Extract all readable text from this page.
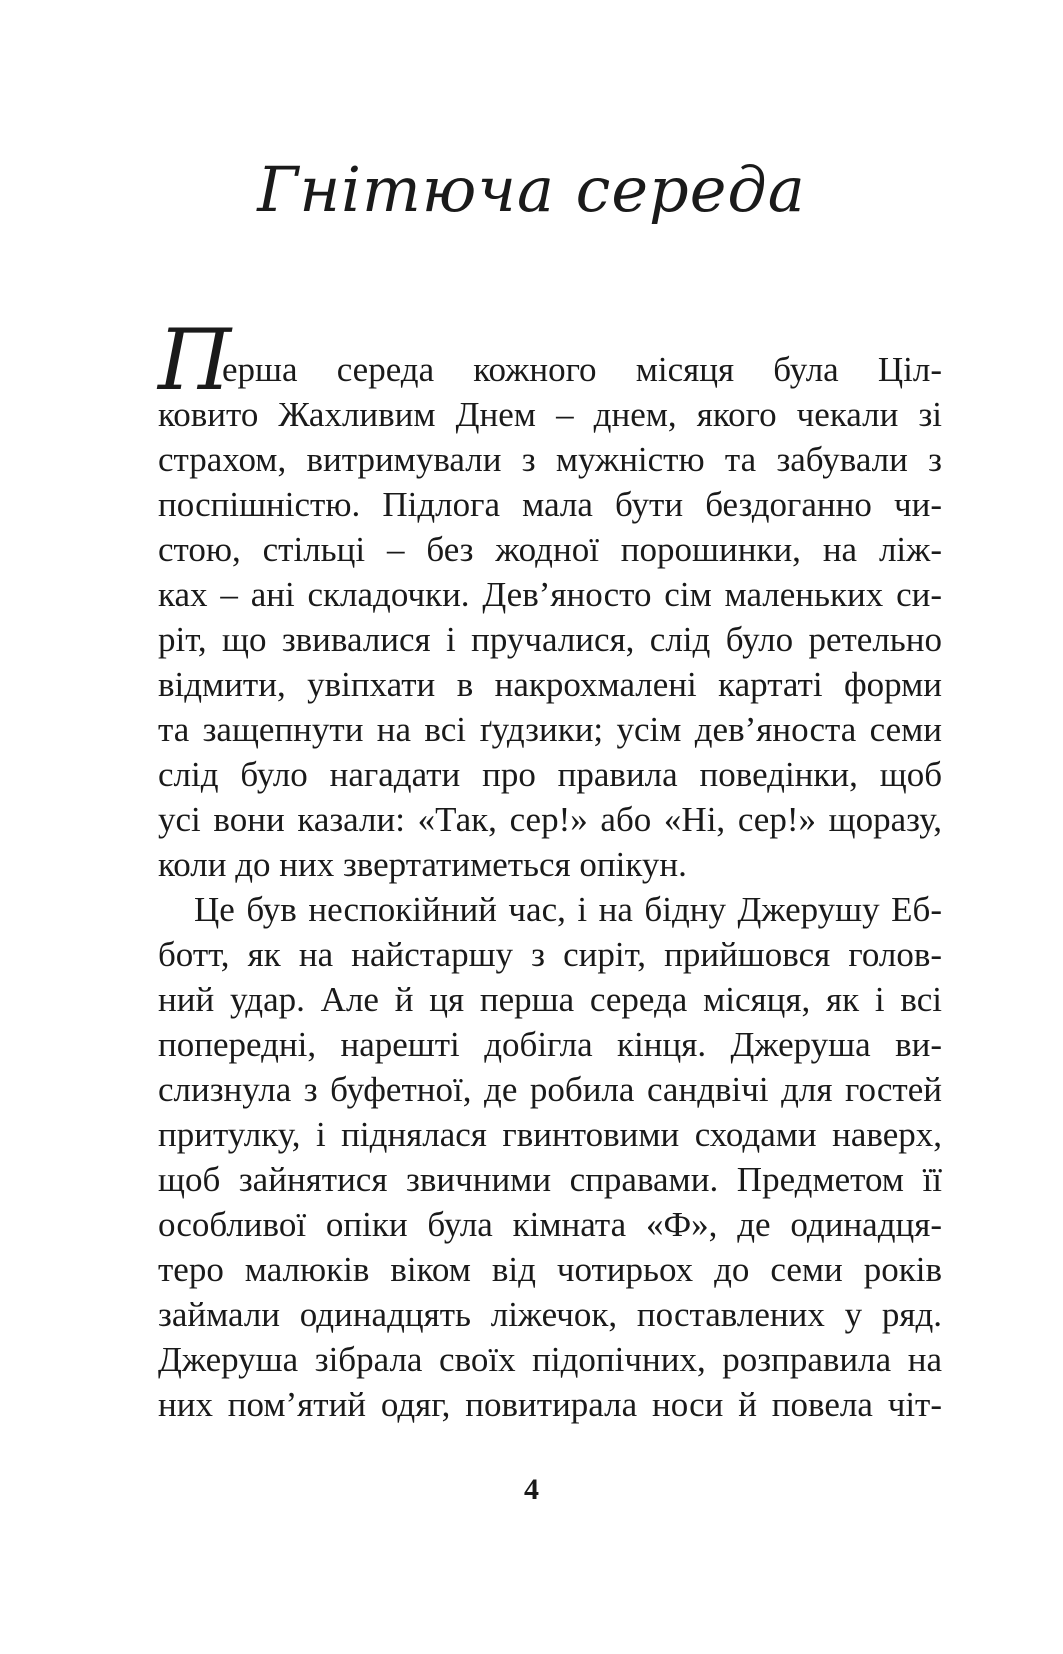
Гнітюча середа
П
ерша середа кожного місяця була Ціл-
ковито Жахливим Днем – днем, якого чекали зі
страхом, витримували з мужністю та забували з
поспішністю. Підлога мала бути бездоганно чи-
стою, стільці – без жодної порошинки, на ліж-
ках – ані складочки. Дев’яносто сім маленьких си-
ріт, що звивалися і пручалися, слід було ретельно
відмити, увіпхати в накрохмалені картаті форми
та защепнути на всі ґудзики; усім дев’яноста семи
слід було нагадати про правила поведінки, щоб
усі вони казали: «Так, сер!» або «Ні, сер!» щоразу,
коли до них звертатиметься опікун.
Це був неспокійний час, і на бідну Джерушу Еб-
ботт, як на найстаршу з сиріт, прийшовся голов-
ний удар. Але й ця перша середа місяця, як і всі
попередні, нарешті добігла кінця. Джеруша ви-
слизнула з буфетної, де робила сандвічі для гостей
притулку, і піднялася гвинтовими сходами наверх,
щоб зайнятися звичними справами. Предметом її
особливої опіки була кімната «Ф», де одинадця-
теро малюків віком від чотирьох до семи років
займали одинадцять ліжечок, поставлених у ряд.
Джеруша зібрала своїх підопічних, розправила на
них пом’ятий одяг, повитирала носи й повела чіт-
4
